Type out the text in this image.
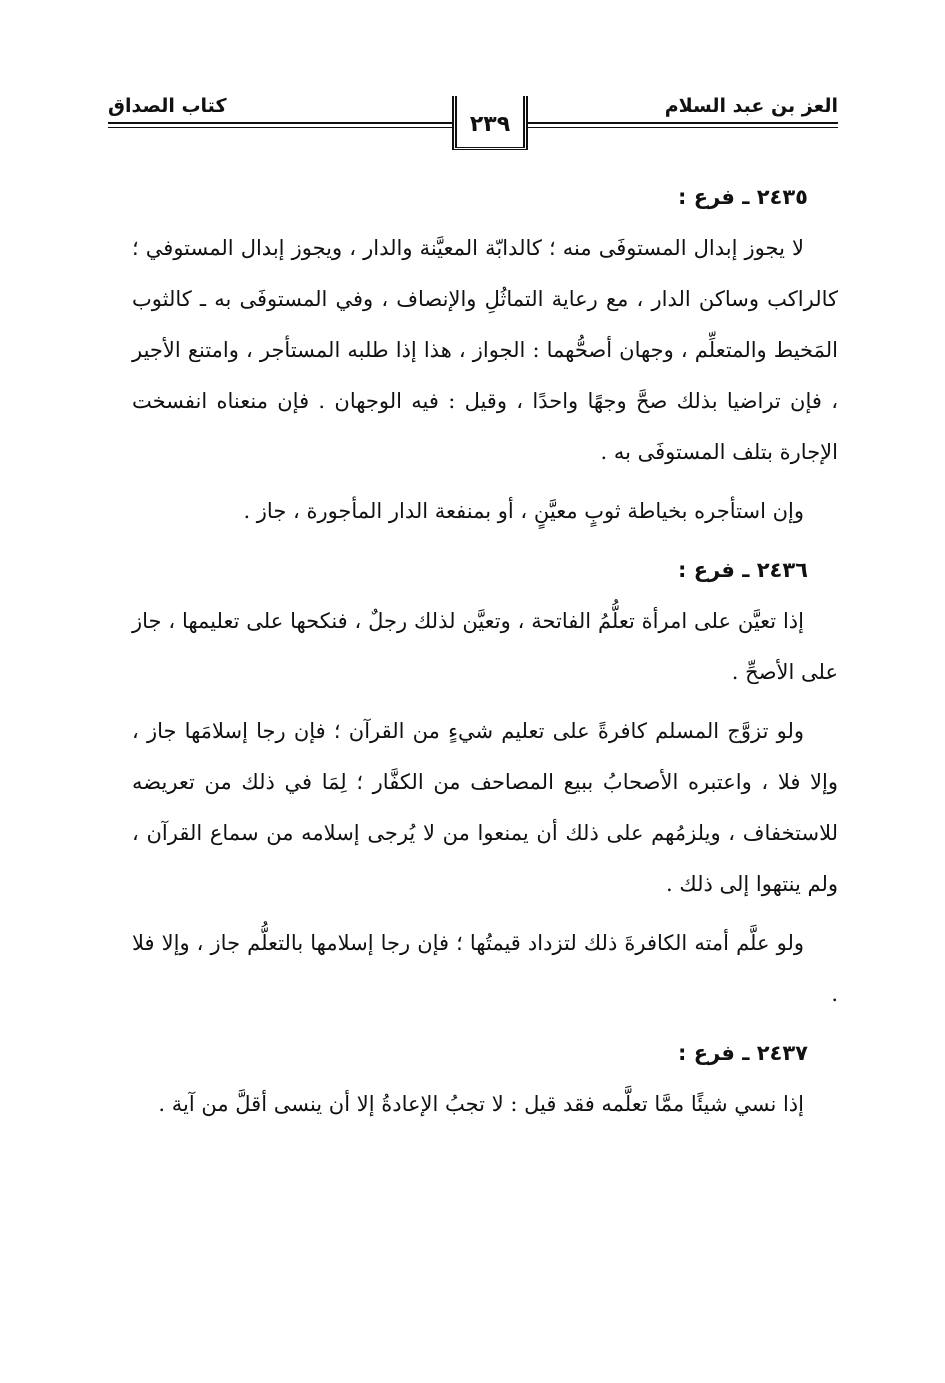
العز بن عبد السلام
كتاب الصداق
٢٣٩
٢٤٣٥ ـ فرع :

لا يجوز إبدال المستوفَى منه ؛ كالدابّة المعيَّنة والدار ، ويجوز إبدال المستوفي ؛ كالراكب وساكن الدار ، مع رعاية التماثُلِ والإنصاف ، وفي المستوفَى به ـ كالثوب المَخيط والمتعلِّم ، وجهان أصحُّهما : الجواز ، هذا إذا طلبه المستأجر ، وامتنع الأجير ، فإن تراضيا بذلك صحَّ وجهًا واحدًا ، وقيل : فيه الوجهان . فإن منعناه انفسخت الإجارة بتلف المستوفَى به .

وإن استأجره بخياطة ثوبٍ معيَّنٍ ، أو بمنفعة الدار المأجورة ، جاز .

٢٤٣٦ ـ فرع :

إذا تعيَّن على امرأة تعلُّمُ الفاتحة ، وتعيَّن لذلك رجلٌ ، فنكحها على تعليمها ، جاز على الأصحِّ .

ولو تزوَّج المسلم كافرةً على تعليم شيءٍ من القرآن ؛ فإن رجا إسلامَها جاز ، وإلا فلا ، واعتبره الأصحابُ ببيع المصاحف من الكفَّار ؛ لِمَا في ذلك من تعريضه للاستخفاف ، ويلزمُهم على ذلك أن يمنعوا من لا يُرجى إسلامه من سماع القرآن ، ولم ينتهوا إلى ذلك .

ولو علَّم أمته الكافرةَ ذلك لتزداد قيمتُها ؛ فإن رجا إسلامها بالتعلُّم جاز ، وإلا فلا .

٢٤٣٧ ـ فرع :

إذا نسي شيئًا ممَّا تعلَّمه فقد قيل : لا تجبُ الإعادةُ إلا أن ينسى أقلَّ من آية .
